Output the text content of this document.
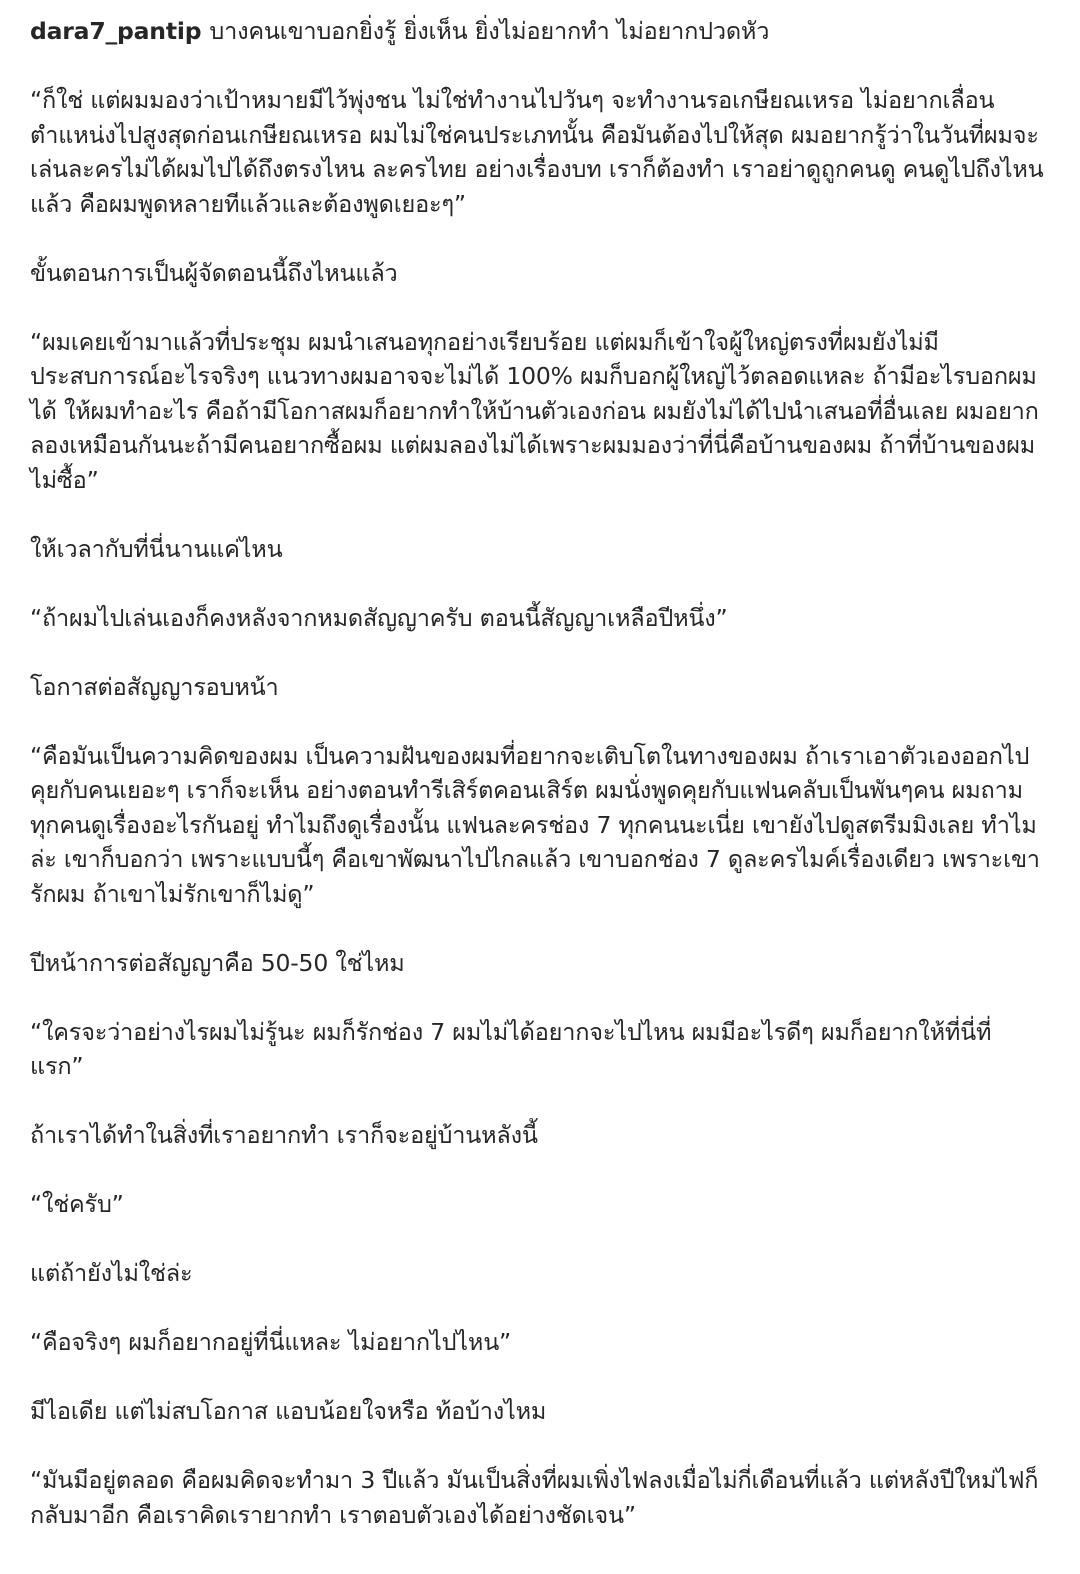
dara7_pantip บางคนเขาบอกยิ่งรู้ ยิ่งเห็น ยิ่งไม่อยากทำ ไม่อยากปวดหัว

“ก็ใช่ แต่ผมมองว่าเป้าหมายมีไว้พุ่งชน ไม่ใช่ทำงานไปวันๆ จะทำงานรอเกษียณเหรอ ไม่อยากเลื่อนตำแหน่งไปสูงสุดก่อนเกษียณเหรอ ผมไม่ใช่คนประเภทนั้น คือมันต้องไปให้สุด ผมอยากรู้ว่าในวันที่ผมจะเล่นละครไม่ได้ผมไปได้ถึงตรงไหน ละครไทย อย่างเรื่องบท เราก็ต้องทำ เราอย่าดูถูกคนดู คนดูไปถึงไหนแล้ว คือผมพูดหลายทีแล้วและต้องพูดเยอะๆ”

ขั้นตอนการเป็นผู้จัดตอนนี้ถึงไหนแล้ว

“ผมเคยเข้ามาแล้วที่ประชุม ผมนำเสนอทุกอย่างเรียบร้อย แต่ผมก็เข้าใจผู้ใหญ่ตรงที่ผมยังไม่มีประสบการณ์อะไรจริงๆ แนวทางผมอาจจะไม่ได้ 100% ผมก็บอกผู้ใหญ่ไว้ตลอดแหละ ถ้ามีอะไรบอกผมได้ ให้ผมทำอะไร คือถ้ามีโอกาสผมก็อยากทำให้บ้านตัวเองก่อน ผมยังไม่ได้ไปนำเสนอที่อื่นเลย ผมอยากลองเหมือนกันนะถ้ามีคนอยากซื้อผม แต่ผมลองไม่ได้เพราะผมมองว่าที่นี่คือบ้านของผม ถ้าที่บ้านของผมไม่ซื้อ”

ให้เวลากับที่นี่นานแค่ไหน

“ถ้าผมไปเล่นเองก็คงหลังจากหมดสัญญาครับ ตอนนี้สัญญาเหลือปีหนึ่ง”

โอกาสต่อสัญญารอบหน้า

“คือมันเป็นความคิดของผม เป็นความฝันของผมที่อยากจะเติบโตในทางของผม ถ้าเราเอาตัวเองออกไปคุยกับคนเยอะๆ เราก็จะเห็น อย่างตอนทำรีเสิร์ตคอนเสิร์ต ผมนั่งพูดคุยกับแฟนคลับเป็นพันๆคน ผมถามทุกคนดูเรื่องอะไรกันอยู่ ทำไมถึงดูเรื่องนั้น แฟนละครช่อง 7 ทุกคนนะเนี่ย เขายังไปดูสตรีมมิงเลย ทำไมล่ะ เขาก็บอกว่า เพราะแบบนี้ๆ คือเขาพัฒนาไปไกลแล้ว เขาบอกช่อง 7 ดูละครไมค์เรื่องเดียว เพราะเขารักผม ถ้าเขาไม่รักเขาก็ไม่ดู”

ปีหน้าการต่อสัญญาคือ 50-50 ใช่ไหม

“ใครจะว่าอย่างไรผมไม่รู้นะ ผมก็รักช่อง 7 ผมไม่ได้อยากจะไปไหน ผมมีอะไรดีๆ ผมก็อยากให้ที่นี่ที่แรก”

ถ้าเราได้ทำในสิ่งที่เราอยากทำ เราก็จะอยู่บ้านหลังนี้

“ใช่ครับ”

แต่ถ้ายังไม่ใช่ล่ะ

“คือจริงๆ ผมก็อยากอยู่ที่นี่แหละ ไม่อยากไปไหน”

มีไอเดีย แต่ไม่สบโอกาส แอบน้อยใจหรือ ท้อบ้างไหม

“มันมีอยู่ตลอด คือผมคิดจะทำมา 3 ปีแล้ว มันเป็นสิ่งที่ผมเพิ่งไฟลงเมื่อไม่กี่เดือนที่แล้ว แต่หลังปีใหม่ไฟก็กลับมาอีก คือเราคิดเรายากทำ เราตอบตัวเองได้อย่างชัดเจน”
